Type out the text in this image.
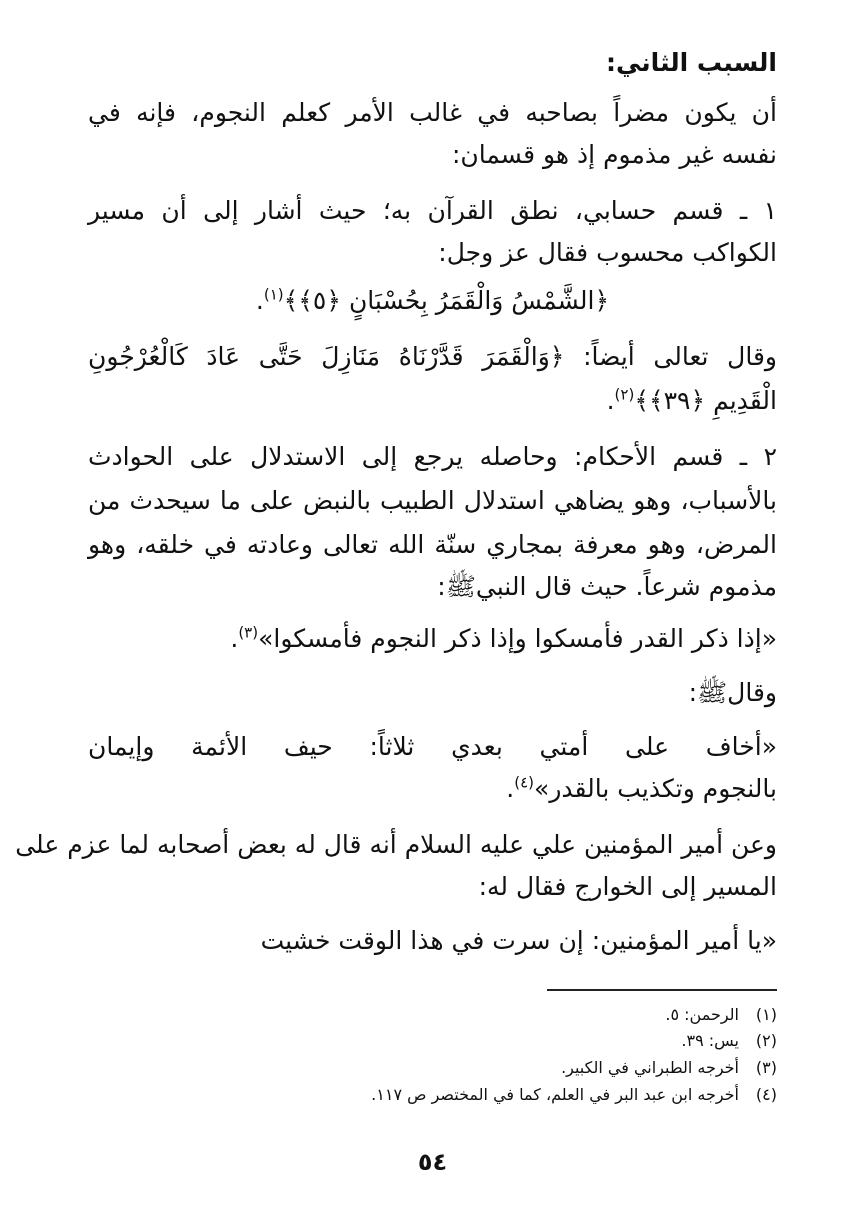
السبب الثاني:
أن يكون مضراً بصاحبه في غالب الأمر كعلم النجوم، فإنه في
نفسه غير مذموم إذ هو قسمان:
١ ـ قسم حسابي، نطق القرآن به؛ حيث أشار إلى أن مسير
الكواكب محسوب فقال عز وجل:
﴿الشَّمْسُ وَالْقَمَرُ بِحُسْبَانٍ ﴿٥﴾﴾$^{(١)}$.
وقال تعالى أيضاً: ﴿وَالْقَمَرَ قَدَّرْنَاهُ مَنَازِلَ حَتَّى عَادَ كَالْعُرْجُونِ
الْقَدِيمِ ﴿٣٩﴾﴾$^{(٢)}$.
٢ ـ قسم الأحكام: وحاصله يرجع إلى الاستدلال على الحوادث
بالأسباب، وهو يضاهي استدلال الطبيب بالنبض على ما سيحدث من
المرض، وهو معرفة بمجاري سنّة الله تعالى وعادته في خلقه، وهو
مذموم شرعاً. حيث قال النبيﷺ:
«إذا ذكر القدر فأمسكوا وإذا ذكر النجوم فأمسكوا»$^{(٣)}$.
وقالﷺ:
«أخاف على أمتي بعدي ثلاثاً: حيف الأئمة وإيمان
بالنجوم وتكذيب بالقدر»$^{(٤)}$.
وعن أمير المؤمنين علي عليه السلام أنه قال له بعض أصحابه لما عزم على
المسير إلى الخوارج فقال له:
«يا أمير المؤمنين: إن سرت في هذا الوقت خشيت
(١)الرحمن: ٥.
(٢)يس: ٣٩.
(٣)أخرجه الطبراني في الكبير.
(٤)أخرجه ابن عبد البر في العلم، كما في المختصر ص ١١٧.
٥٤
